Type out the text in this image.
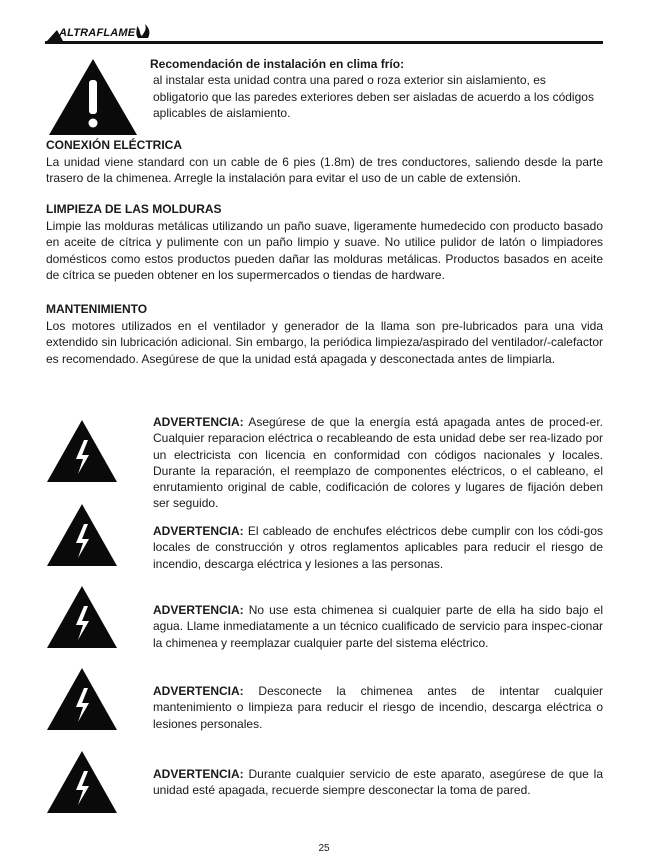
ALTRAFLAME
Recomendación de instalación en clima frío:
al instalar esta unidad contra una pared o roza exterior sin aislamiento, es obligatorio que las paredes exteriores deben ser aisladas de acuerdo a los códigos aplicables de aislamiento.
CONEXIÓN ELÉCTRICA

La unidad viene standard con un cable de 6 pies (1.8m) de tres conductores, saliendo desde la parte trasero de la chimenea. Arregle la instalación para evitar el uso de un cable de extensión.

LIMPIEZA DE LAS MOLDURAS

Limpie las molduras metálicas utilizando un paño suave, ligeramente humedecido con producto basado en aceite de cítrica y pulimente con un paño limpio y suave. No utilice pulidor de latón o limpiadores domésticos como estos productos pueden dañar las molduras metálicas. Productos basados en aceite de cítrica se pueden obtener en los supermercados o tiendas de hardware.

MANTENIMIENTO

Los motores utilizados en el ventilador y generador de la llama son pre-lubricados para una vida extendido sin lubricación adicional. Sin embargo, la periódica limpieza/aspirado del ventilador/-calefactor es recomendado. Asegúrese de que la unidad está apagada y desconectada antes de limpiarla.

ADVERTENCIA: Asegúrese de que la energía está apagada antes de proced-er. Cualquier reparacion eléctrica o recableando de esta unidad debe ser rea-lizado por un electricista con licencia en conformidad con códigos nacionales y locales. Durante la reparación, el reemplazo de componentes eléctricos, o el cableano, el enrutamiento original de cable, codificación de colores y lugares de fijación deben ser seguido.
ADVERTENCIA: El cableado de enchufes eléctricos debe cumplir con los códi-gos locales de construcción y otros reglamentos aplicables para reducir el riesgo de incendio, descarga eléctrica y lesiones a las personas.
ADVERTENCIA: No use esta chimenea si cualquier parte de ella ha sido bajo el agua. Llame inmediatamente a un técnico cualificado de servicio para inspec-cionar la chimenea y reemplazar cualquier parte del sistema eléctrico.
ADVERTENCIA: Desconecte la chimenea antes de intentar cualquier mantenimiento o limpieza para reducir el riesgo de incendio, descarga eléctrica o lesiones personales.
ADVERTENCIA: Durante cualquier servicio de este aparato, asegúrese de que la unidad esté apagada, recuerde siempre desconectar la toma de pared.
25
